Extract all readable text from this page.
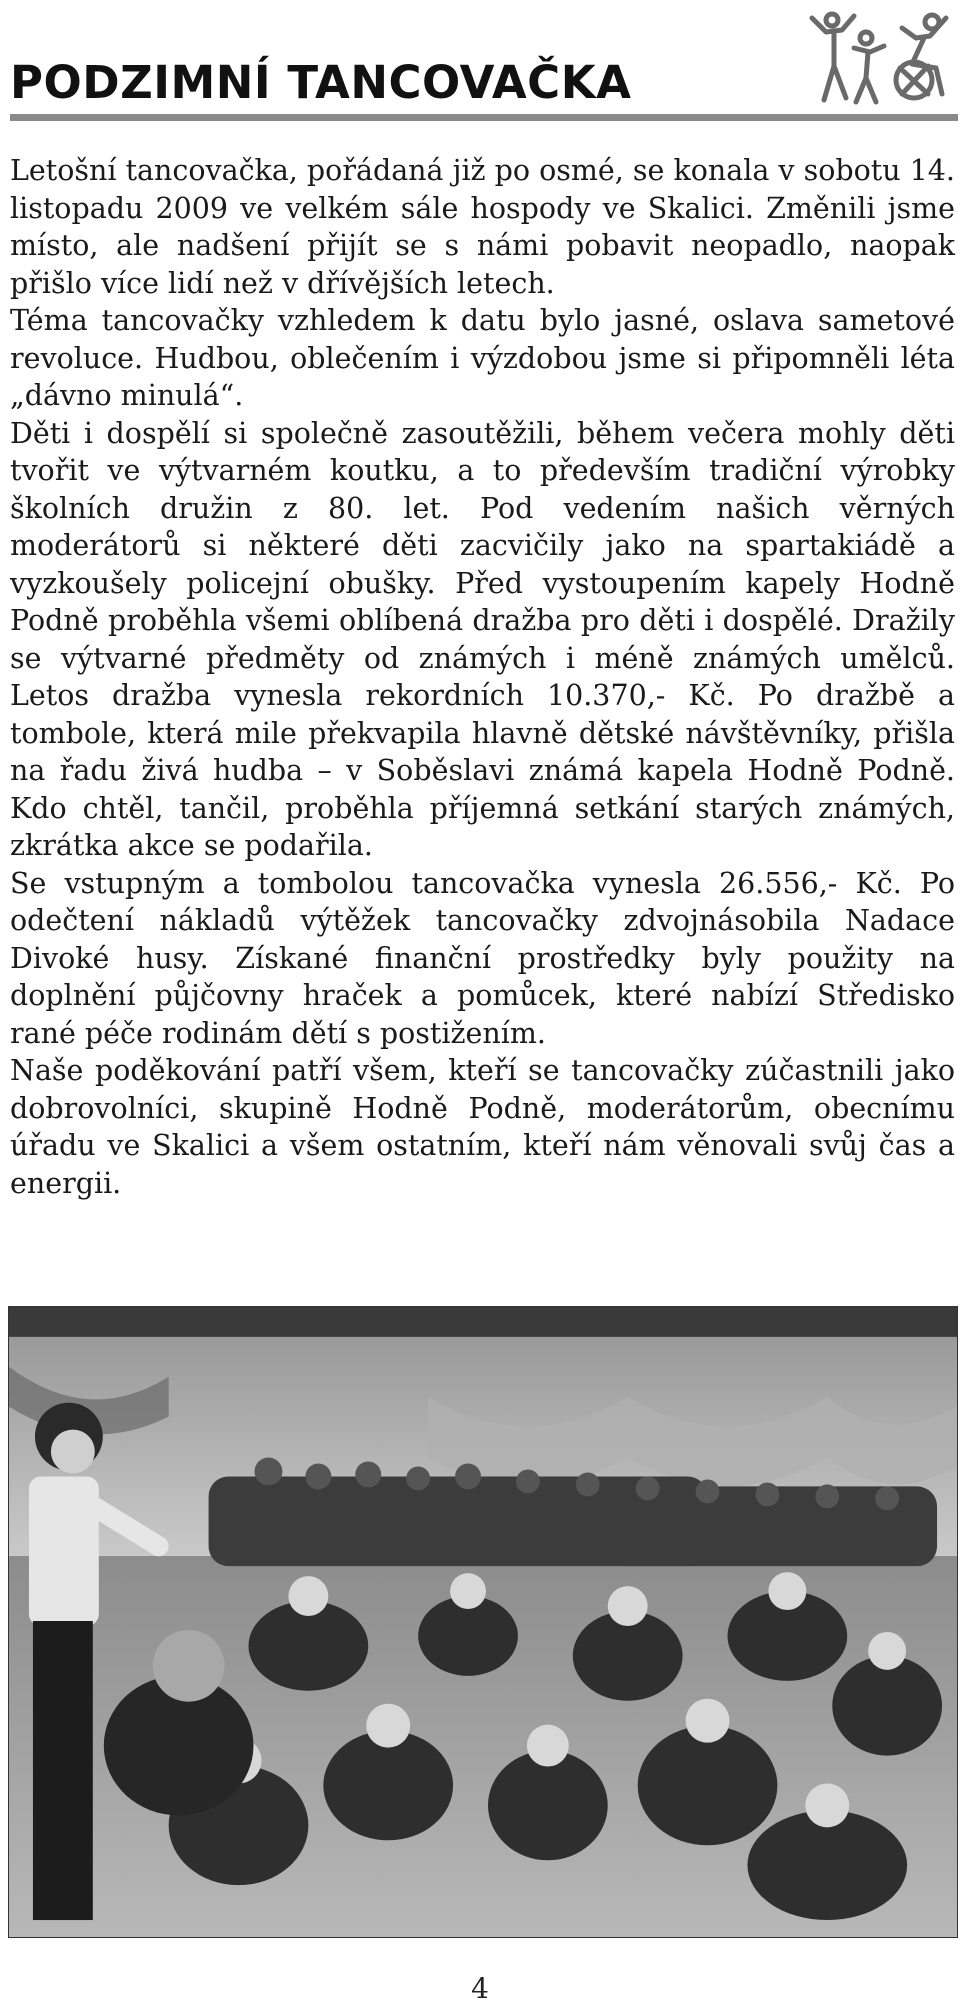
PODZIMNÍ TANCOVAČKA

Letošní tancovačka, pořádaná již po osmé, se konala v sobotu 14. listopadu 2009 ve velkém sále hospody ve Skalici. Změnili jsme místo, ale nadšení přijít se s námi pobavit neopadlo, naopak přišlo více lidí než v dřívějších letech.

Téma tancovačky vzhledem k datu bylo jasné, oslava sametové revoluce. Hudbou, oblečením i výzdobou jsme si připomněli léta „dávno minulá“.

Děti i dospělí si společně zasoutěžili, během večera mohly děti tvořit ve výtvarném koutku, a to především tradiční výrobky školních družin z 80. let. Pod vedením našich věrných moderátorů si některé děti zacvičily jako na spartakiádě a vyzkoušely policejní obušky. Před vystoupením kapely Hodně Podně proběhla všemi oblíbená dražba pro děti i dospělé. Dražily se výtvarné předměty od známých i méně známých umělců. Letos dražba vynesla rekordních 10.370,- Kč. Po dražbě a tombole, která mile překvapila hlavně dětské návštěvníky, přišla na řadu živá hudba – v Soběslavi známá kapela Hodně Podně. Kdo chtěl, tančil, proběhla příjemná setkání starých známých, zkrátka akce se podařila.

Se vstupným a tombolou tancovačka vynesla 26.556,- Kč. Po odečtení nákladů výtěžek tancovačky zdvojnásobila Nadace Divoké husy. Získané finanční prostředky byly použity na doplnění půjčovny hraček a pomůcek, které nabízí Středisko rané péče rodinám dětí s postižením.

Naše poděkování patří všem, kteří se tancovačky zúčastnili jako dobrovolníci, skupině Hodně Podně, moderátorům, obecnímu úřadu ve Skalici a všem ostatním, kteří nám věnovali svůj čas a energii.

4
